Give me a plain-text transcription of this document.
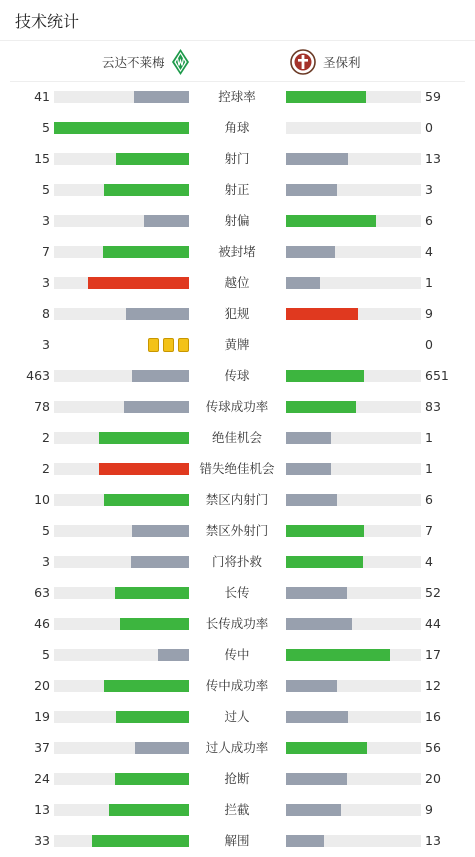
技术统计
云达不莱梅	圣保利
41	控球率	59
5	角球	0
15	射门	13
5	射正	3
3	射偏	6
7	被封堵	4
3	越位	1
8	犯规	9
3	黄牌	0
463	传球	651
78	传球成功率	83
2	绝佳机会	1
2	错失绝佳机会	1
10	禁区内射门	6
5	禁区外射门	7
3	门将扑救	4
63	长传	52
46	长传成功率	44
5	传中	17
20	传中成功率	12
19	过人	16
37	过人成功率	56
24	抢断	20
13	拦截	9
33	解围	13
